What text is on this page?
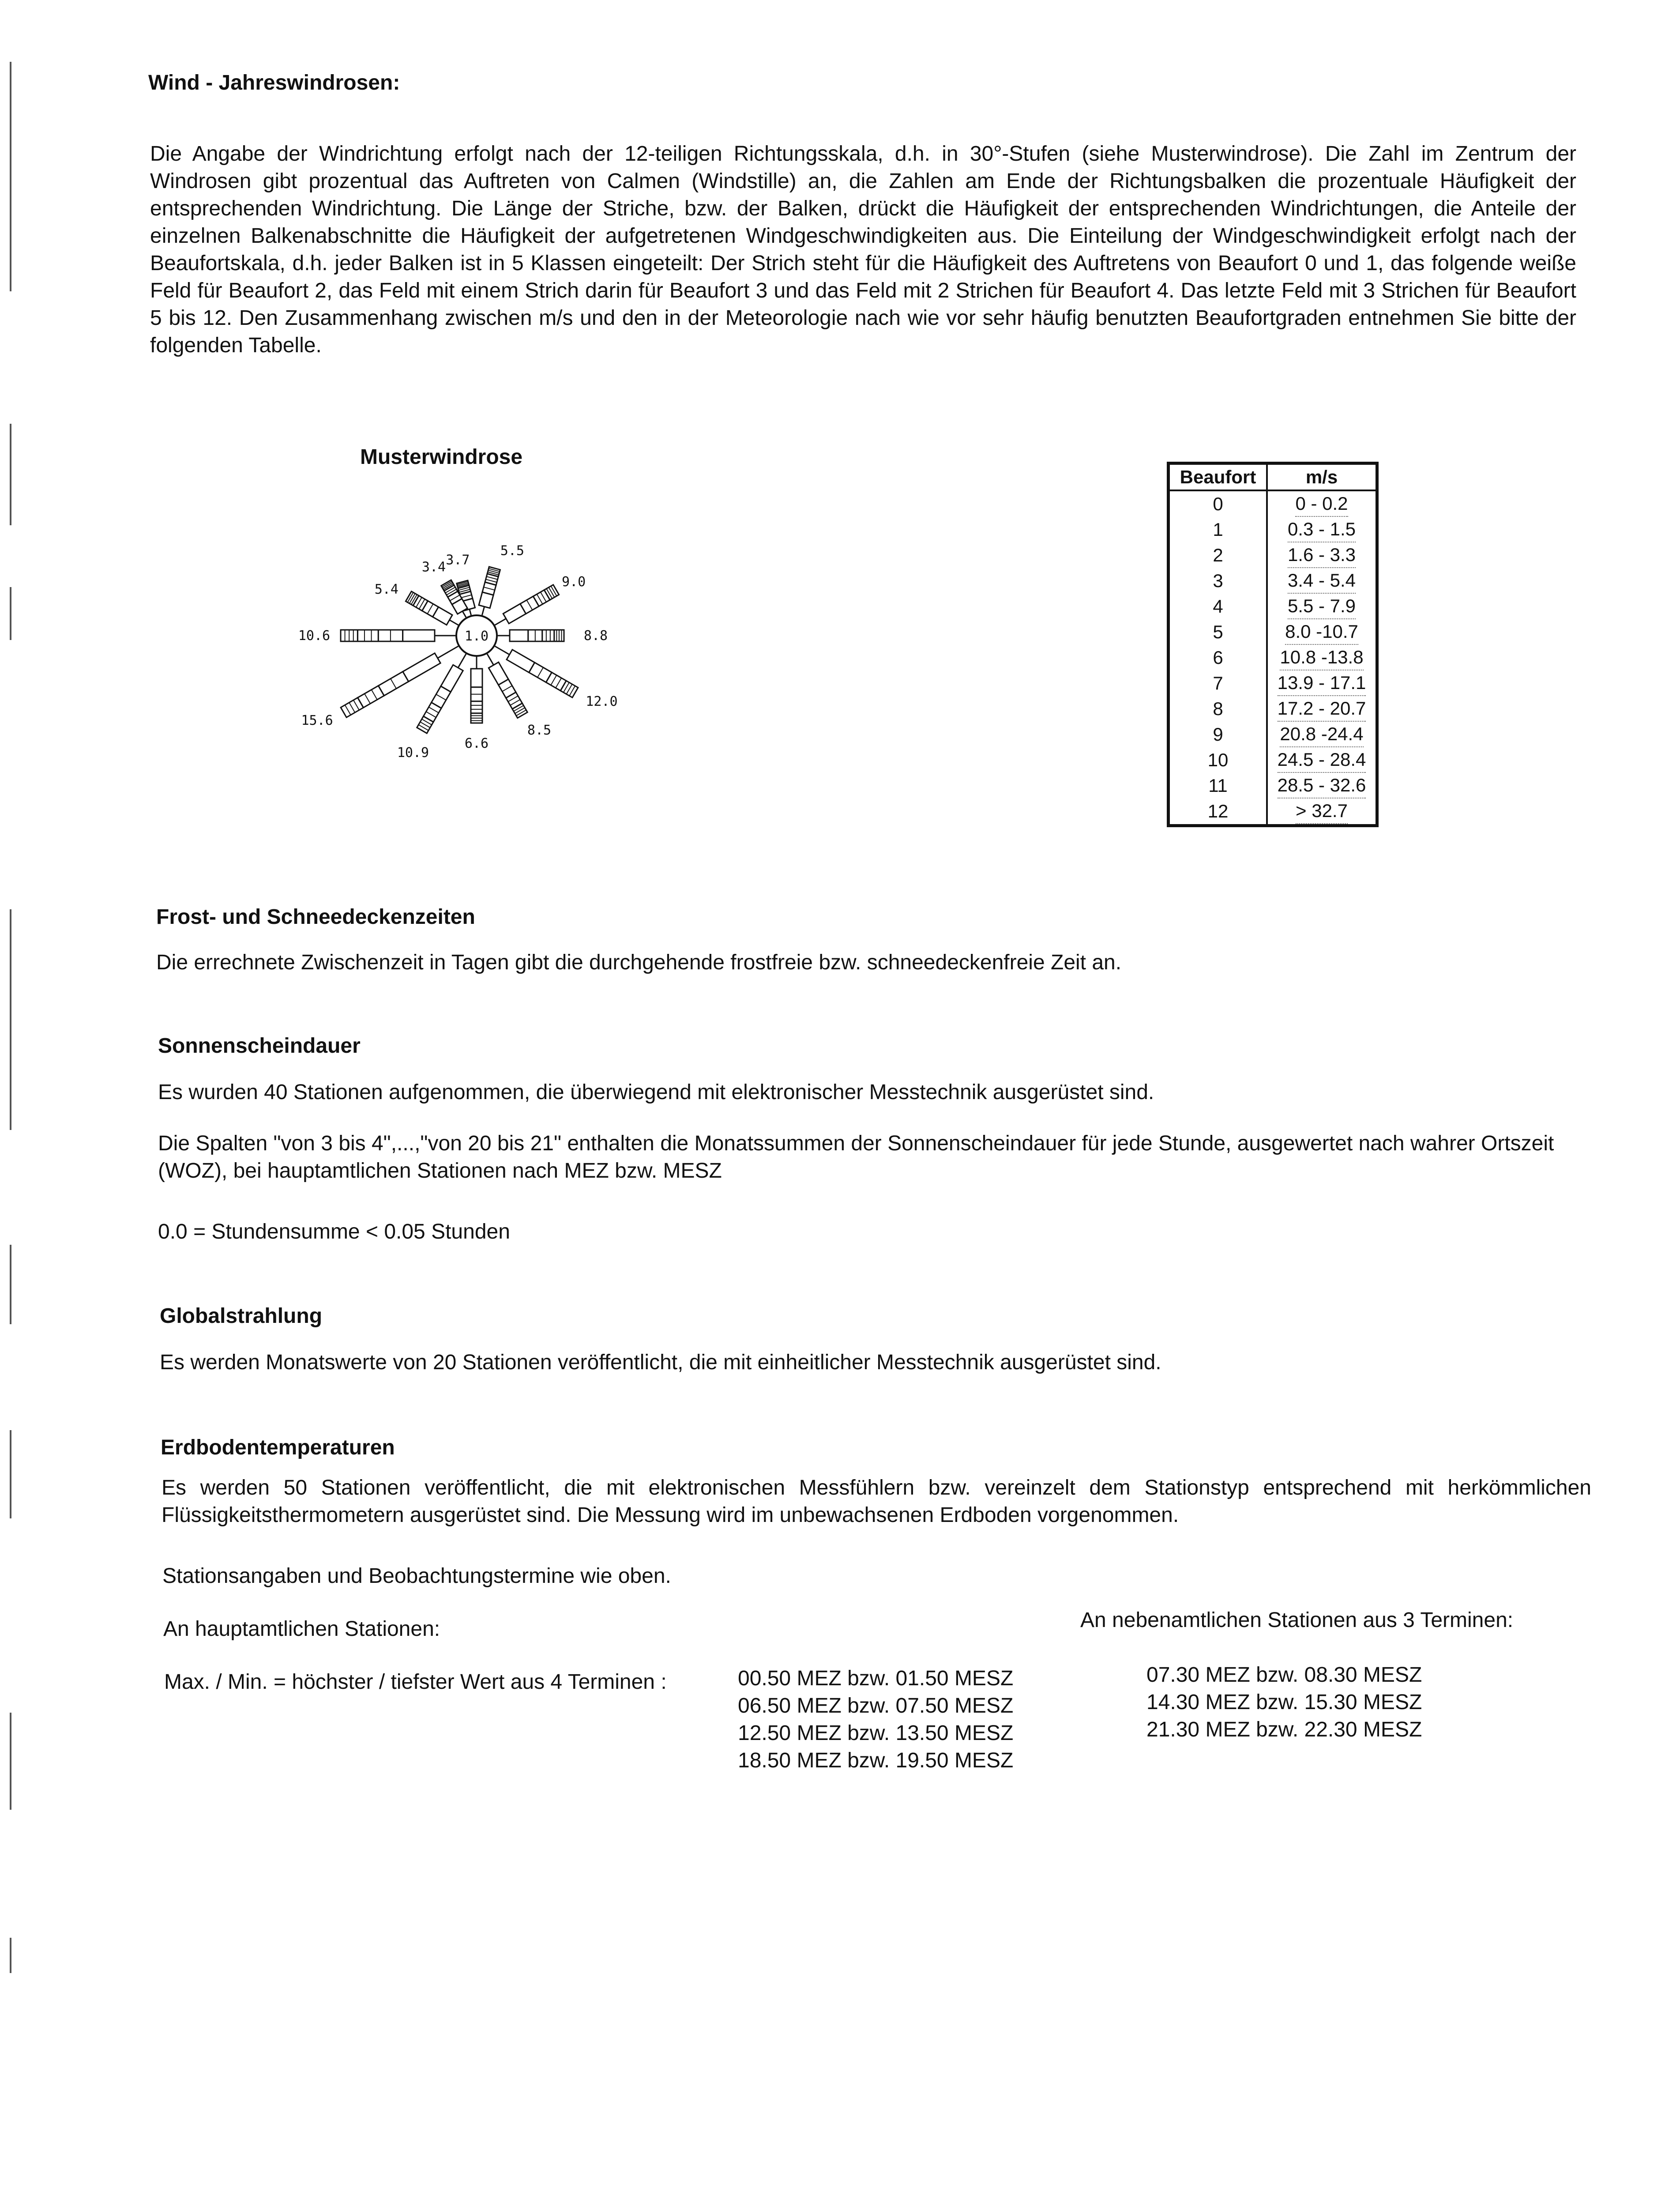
Wind - Jahreswindrosen:

Die Angabe der Windrichtung erfolgt nach der 12-teiligen Richtungsskala, d.h. in 30°-Stufen (siehe Musterwindrose). Die Zahl im Zentrum der Windrosen gibt prozentual das Auftreten von Calmen (Windstille) an, die Zahlen am Ende der Richtungsbalken die prozentuale Häufigkeit der entsprechenden Windrichtung. Die Länge der Striche, bzw. der Balken, drückt die Häufigkeit der entsprechenden Windrichtungen, die Anteile der einzelnen Balkenabschnitte die Häufigkeit der aufgetretenen Windgeschwindigkeiten aus. Die Einteilung der Windgeschwindigkeit erfolgt nach der Beaufortskala, d.h. jeder Balken ist in 5 Klassen eingeteilt: Der Strich steht für die Häufigkeit des Auftretens von Beaufort 0 und 1, das folgende weiße Feld für Beaufort 2, das Feld mit einem Strich darin für Beaufort 3 und das Feld mit 2 Strichen für Beaufort 4. Das letzte Feld mit 3 Strichen für Beaufort 5 bis 12. Den Zusammenhang zwischen m/s und den in der Meteorologie nach wie vor sehr häufig benutzten Beaufortgraden entnehmen Sie bitte der folgenden Tabelle.

Musterwindrose
1.0
3.7
5.5
9.0
8.8
12.0
8.5
6.6
10.9
15.6
10.6
5.4
3.4
Beaufort	m/s
0	0 - 0.2
1	0.3 - 1.5
2	1.6 - 3.3
3	3.4 - 5.4
4	5.5 - 7.9
5	8.0 -10.7
6	10.8 -13.8
7	13.9 - 17.1
8	17.2 - 20.7
9	20.8 -24.4
10	24.5 - 28.4
11	28.5 - 32.6
12	> 32.7
Frost- und Schneedeckenzeiten

Die errechnete Zwischenzeit in Tagen gibt die durchgehende frostfreie bzw. schneedeckenfreie Zeit an.

Sonnenscheindauer

Es wurden 40 Stationen aufgenommen, die überwiegend mit elektronischer Messtechnik ausgerüstet sind.

Die Spalten "von 3 bis 4",...,"von 20 bis 21" enthalten die Monatssummen der Sonnenscheindauer für jede Stunde, ausgewertet nach wahrer Ortszeit (WOZ), bei hauptamtlichen Stationen nach MEZ bzw. MESZ

0.0 = Stundensumme < 0.05 Stunden

Globalstrahlung

Es werden Monatswerte von 20 Stationen veröffentlicht, die mit einheitlicher Messtechnik ausgerüstet sind.

Erdbodentemperaturen

Es werden 50 Stationen veröffentlicht, die mit elektronischen Messfühlern bzw. vereinzelt dem Stationstyp entsprechend mit herkömmlichen Flüssigkeitsthermometern ausgerüstet sind. Die Messung wird im unbewachsenen Erdboden vorgenommen.

Stationsangaben und Beobachtungstermine wie oben.

An hauptamtlichen Stationen:	An nebenamtlichen Stationen aus 3 Terminen:

Max. / Min. = höchster / tiefster Wert aus 4 Terminen :	00.50 MEZ bzw. 01.50 MESZ

06.50 MEZ bzw. 07.50 MESZ

12.50 MEZ bzw. 13.50 MESZ

18.50 MEZ bzw. 19.50 MESZ

07.30 MEZ bzw. 08.30 MESZ

14.30 MEZ bzw. 15.30 MESZ

21.30 MEZ bzw. 22.30 MESZ
